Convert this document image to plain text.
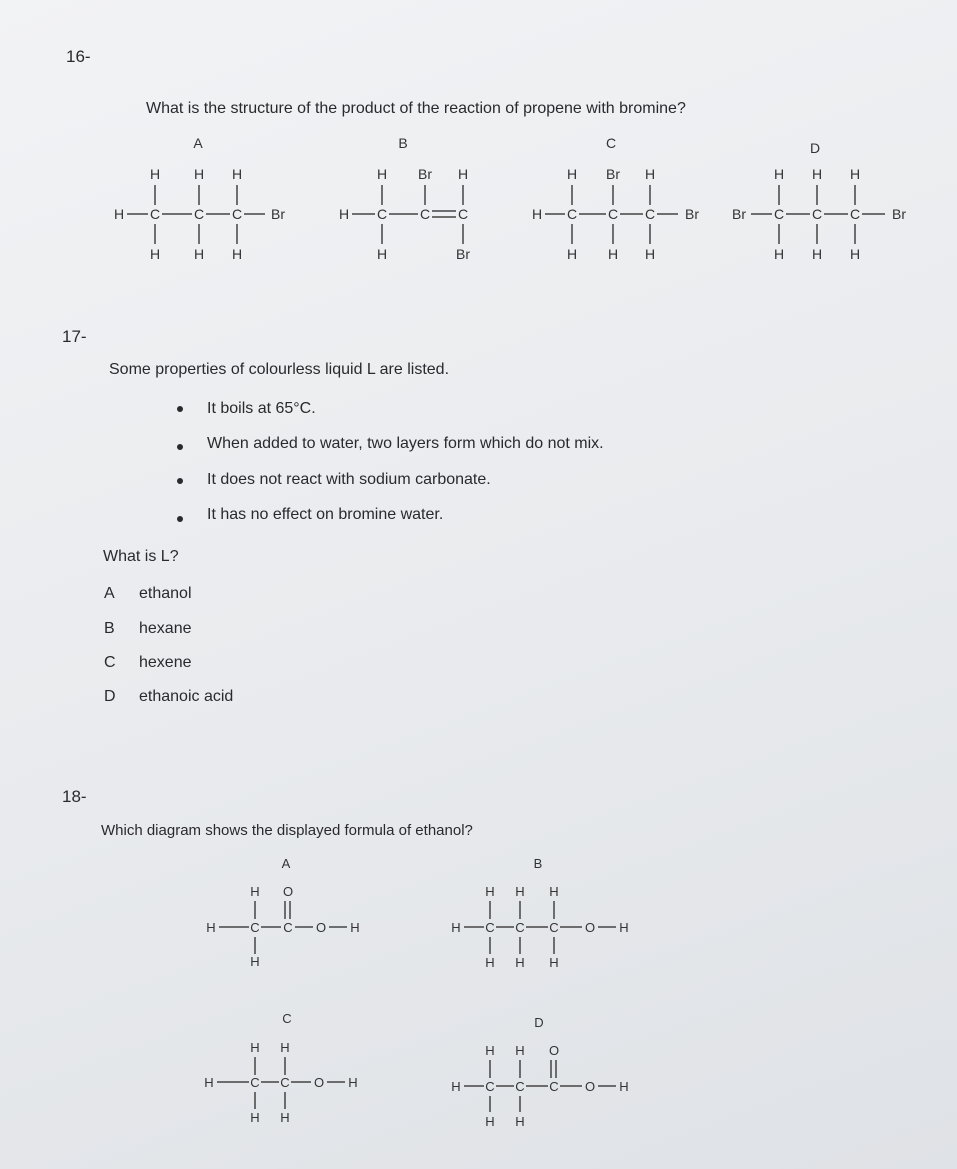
16-
What is the structure of the product of the reaction of propene with bromine?
A
H H H
H C C C Br
H H H
B
H Br H
H C C C
H	Br
C
H Br H
H C C C Br
H H H
D
H H H
Br C C C Br
H H H
17-
Some properties of colourless liquid L are listed.
It boils at 65°C.
When added to water, two layers form which do not mix.
It does not react with sodium carbonate.
It has no effect on bromine water.
What is L?
A ethanol
B hexane
C hexene
D ethanoic acid
18-
Which diagram shows the displayed formula of ethanol?
A
H O
H	C C O H
H
B
H H H
H C C C O H
H H H
C
H H
H	C C O H
H H
D
H H O
H C C C O H
H H
